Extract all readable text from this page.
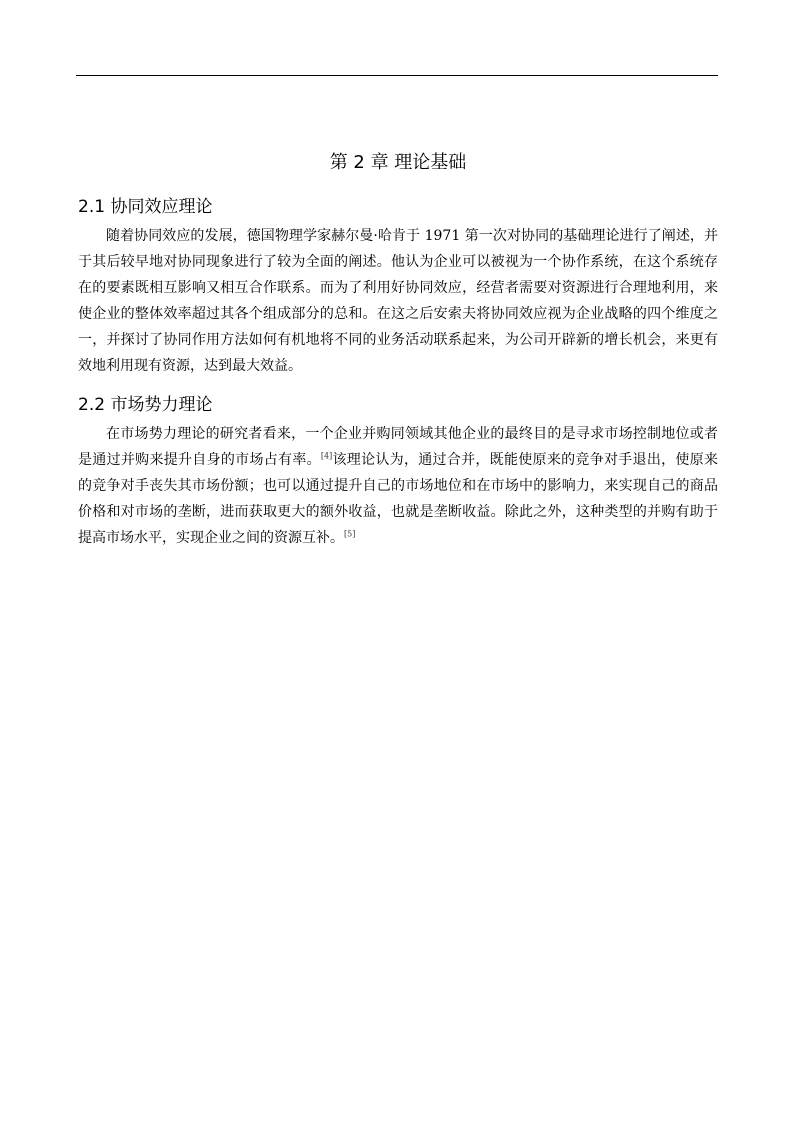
第 2 章 理论基础
2.1 协同效应理论

随着协同效应的发展，德国物理学家赫尔曼·哈肯于 1971 第一次对协同的基础理论进行了阐述，并于其后较早地对协同现象进行了较为全面的阐述。他认为企业可以被视为一个协作系统，在这个系统存在的要素既相互影响又相互合作联系。而为了利用好协同效应，经营者需要对资源进行合理地利用，来使企业的整体效率超过其各个组成部分的总和。在这之后安索夫将协同效应视为企业战略的四个维度之一，并探讨了协同作用方法如何有机地将不同的业务活动联系起来，为公司开辟新的增长机会，来更有效地利用现有资源，达到最大效益。

2.2 市场势力理论

在市场势力理论的研究者看来，一个企业并购同领域其他企业的最终目的是寻求市场控制地位或者是通过并购来提升自身的市场占有率。[4]该理论认为，通过合并，既能使原来的竞争对手退出，使原来的竞争对手丧失其市场份额；也可以通过提升自己的市场地位和在市场中的影响力，来实现自己的商品价格和对市场的垄断，进而获取更大的额外收益，也就是垄断收益。除此之外，这种类型的并购有助于提高市场水平，实现企业之间的资源互补。[5]
